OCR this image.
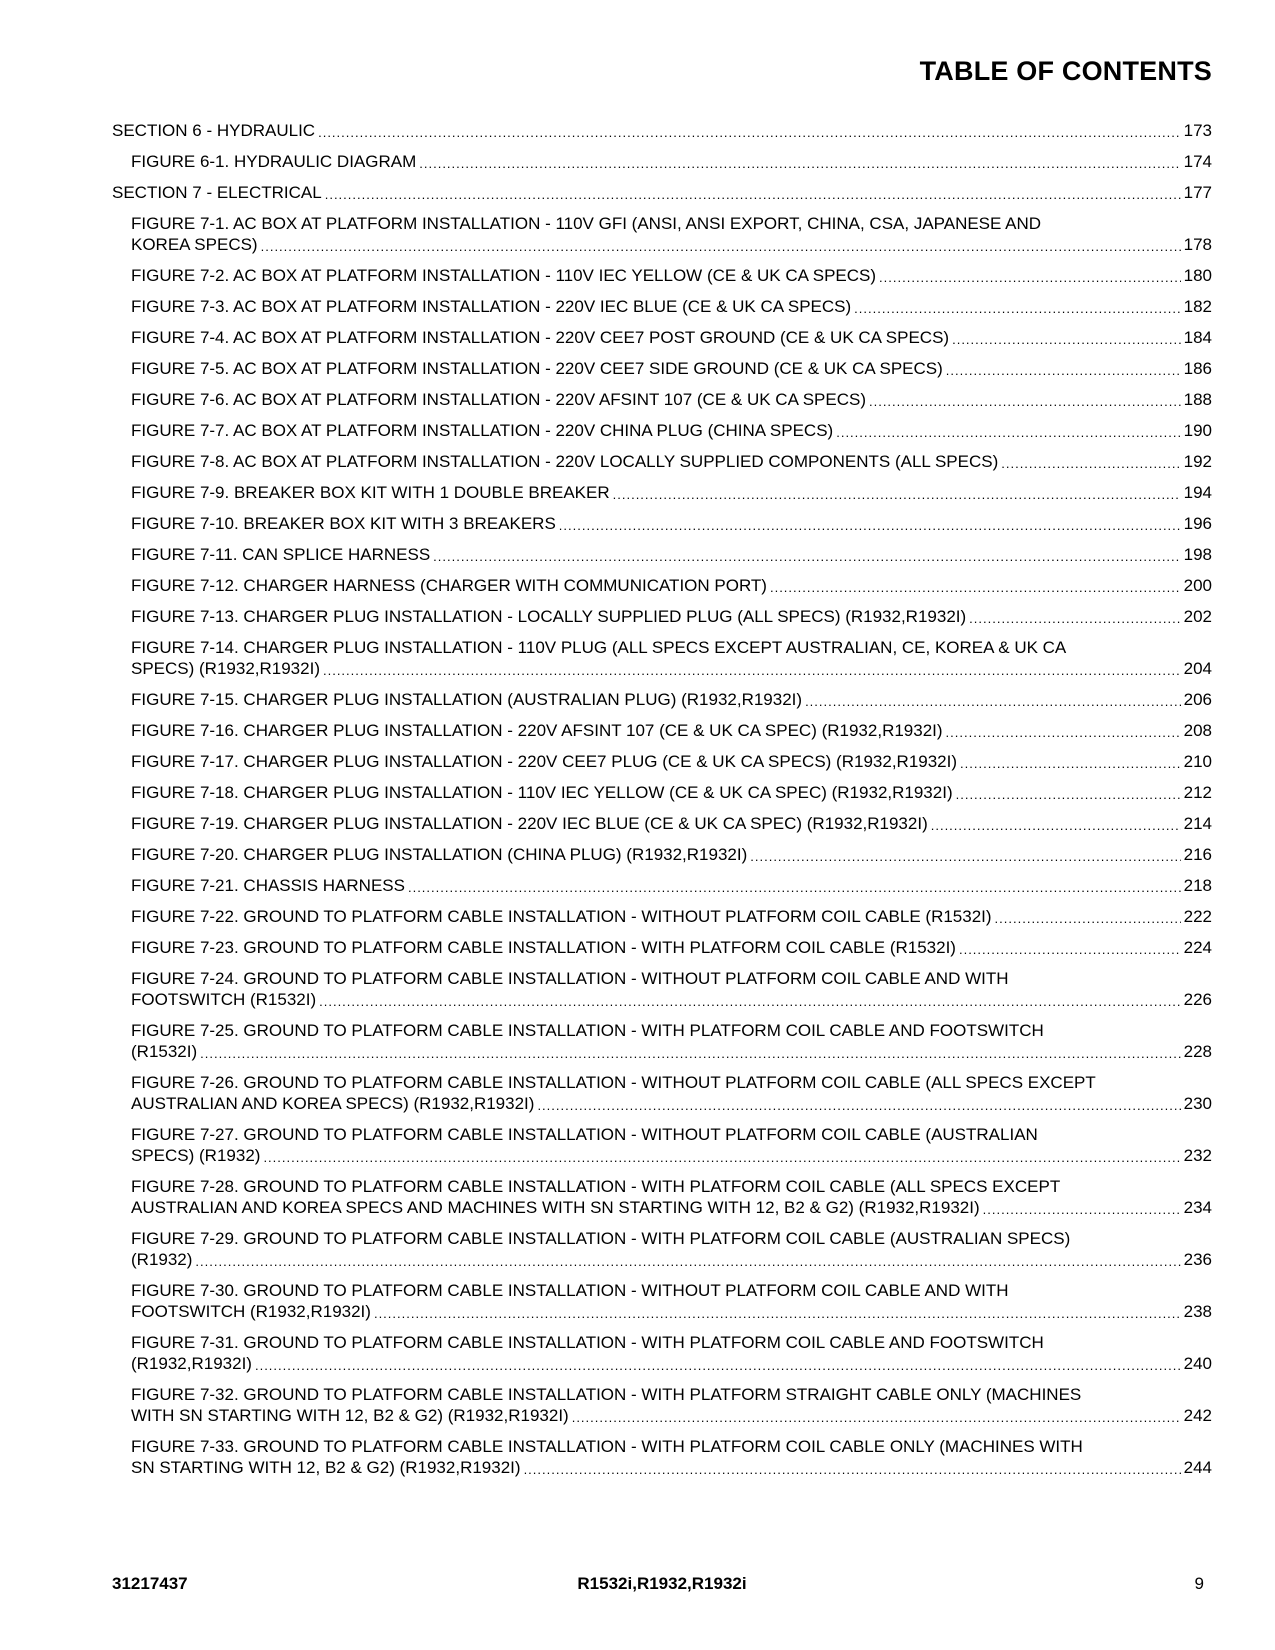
TABLE OF CONTENTS
SECTION 6 - HYDRAULIC .....	173
FIGURE 6-1. HYDRAULIC DIAGRAM .....	174
SECTION 7 - ELECTRICAL .....	177
FIGURE 7-1. AC BOX AT PLATFORM INSTALLATION - 110V GFI (ANSI, ANSI EXPORT, CHINA, CSA, JAPANESE AND
KOREA SPECS) .....	178
FIGURE 7-2. AC BOX AT PLATFORM INSTALLATION - 110V IEC YELLOW (CE & UK CA SPECS) .....	180
FIGURE 7-3. AC BOX AT PLATFORM INSTALLATION - 220V IEC BLUE (CE & UK CA SPECS) .....	182
FIGURE 7-4. AC BOX AT PLATFORM INSTALLATION - 220V CEE7 POST GROUND (CE & UK CA SPECS) .....	184
FIGURE 7-5. AC BOX AT PLATFORM INSTALLATION - 220V CEE7 SIDE GROUND (CE & UK CA SPECS) .....	186
FIGURE 7-6. AC BOX AT PLATFORM INSTALLATION - 220V AFSINT 107 (CE & UK CA SPECS) .....	188
FIGURE 7-7. AC BOX AT PLATFORM INSTALLATION - 220V CHINA PLUG (CHINA SPECS) .....	190
FIGURE 7-8. AC BOX AT PLATFORM INSTALLATION - 220V LOCALLY SUPPLIED COMPONENTS (ALL SPECS) .....	192
FIGURE 7-9. BREAKER BOX KIT WITH 1 DOUBLE BREAKER .....	194
FIGURE 7-10. BREAKER BOX KIT WITH 3 BREAKERS .....	196
FIGURE 7-11. CAN SPLICE HARNESS .....	198
FIGURE 7-12. CHARGER HARNESS (CHARGER WITH COMMUNICATION PORT) .....	200
FIGURE 7-13. CHARGER PLUG INSTALLATION - LOCALLY SUPPLIED PLUG (ALL SPECS) (R1932,R1932I) .....	202
FIGURE 7-14. CHARGER PLUG INSTALLATION - 110V PLUG (ALL SPECS EXCEPT AUSTRALIAN, CE, KOREA & UK CA
SPECS) (R1932,R1932I) .....	204
FIGURE 7-15. CHARGER PLUG INSTALLATION (AUSTRALIAN PLUG) (R1932,R1932I) .....	206
FIGURE 7-16. CHARGER PLUG INSTALLATION - 220V AFSINT 107 (CE & UK CA SPEC) (R1932,R1932I) .....	208
FIGURE 7-17. CHARGER PLUG INSTALLATION - 220V CEE7 PLUG (CE & UK CA SPECS) (R1932,R1932I) .....	210
FIGURE 7-18. CHARGER PLUG INSTALLATION - 110V IEC YELLOW (CE & UK CA SPEC) (R1932,R1932I) .....	212
FIGURE 7-19. CHARGER PLUG INSTALLATION - 220V IEC BLUE (CE & UK CA SPEC) (R1932,R1932I) .....	214
FIGURE 7-20. CHARGER PLUG INSTALLATION (CHINA PLUG) (R1932,R1932I) .....	216
FIGURE 7-21. CHASSIS HARNESS .....	218
FIGURE 7-22. GROUND TO PLATFORM CABLE INSTALLATION - WITHOUT PLATFORM COIL CABLE (R1532I) .....	222
FIGURE 7-23. GROUND TO PLATFORM CABLE INSTALLATION - WITH PLATFORM COIL CABLE (R1532I) .....	224
FIGURE 7-24. GROUND TO PLATFORM CABLE INSTALLATION - WITHOUT PLATFORM COIL CABLE AND WITH
FOOTSWITCH (R1532I) .....	226
FIGURE 7-25. GROUND TO PLATFORM CABLE INSTALLATION - WITH PLATFORM COIL CABLE AND FOOTSWITCH
(R1532I) .....	228
FIGURE 7-26. GROUND TO PLATFORM CABLE INSTALLATION - WITHOUT PLATFORM COIL CABLE (ALL SPECS EXCEPT
AUSTRALIAN AND KOREA SPECS) (R1932,R1932I) .....	230
FIGURE 7-27. GROUND TO PLATFORM CABLE INSTALLATION - WITHOUT PLATFORM COIL CABLE (AUSTRALIAN
SPECS) (R1932) .....	232
FIGURE 7-28. GROUND TO PLATFORM CABLE INSTALLATION - WITH PLATFORM COIL CABLE (ALL SPECS EXCEPT
AUSTRALIAN AND KOREA SPECS AND MACHINES WITH SN STARTING WITH 12, B2 & G2) (R1932,R1932I) .....	234
FIGURE 7-29. GROUND TO PLATFORM CABLE INSTALLATION - WITH PLATFORM COIL CABLE (AUSTRALIAN SPECS)
(R1932) .....	236
FIGURE 7-30. GROUND TO PLATFORM CABLE INSTALLATION - WITHOUT PLATFORM COIL CABLE AND WITH
FOOTSWITCH (R1932,R1932I) .....	238
FIGURE 7-31. GROUND TO PLATFORM CABLE INSTALLATION - WITH PLATFORM COIL CABLE AND FOOTSWITCH
(R1932,R1932I) .....	240
FIGURE 7-32. GROUND TO PLATFORM CABLE INSTALLATION - WITH PLATFORM STRAIGHT CABLE ONLY (MACHINES
WITH SN STARTING WITH 12, B2 & G2) (R1932,R1932I) .....	242
FIGURE 7-33. GROUND TO PLATFORM CABLE INSTALLATION - WITH PLATFORM COIL CABLE ONLY (MACHINES WITH
SN STARTING WITH 12, B2 & G2) (R1932,R1932I) .....	244
31217437	R1532i,R1932,R1932i	9
